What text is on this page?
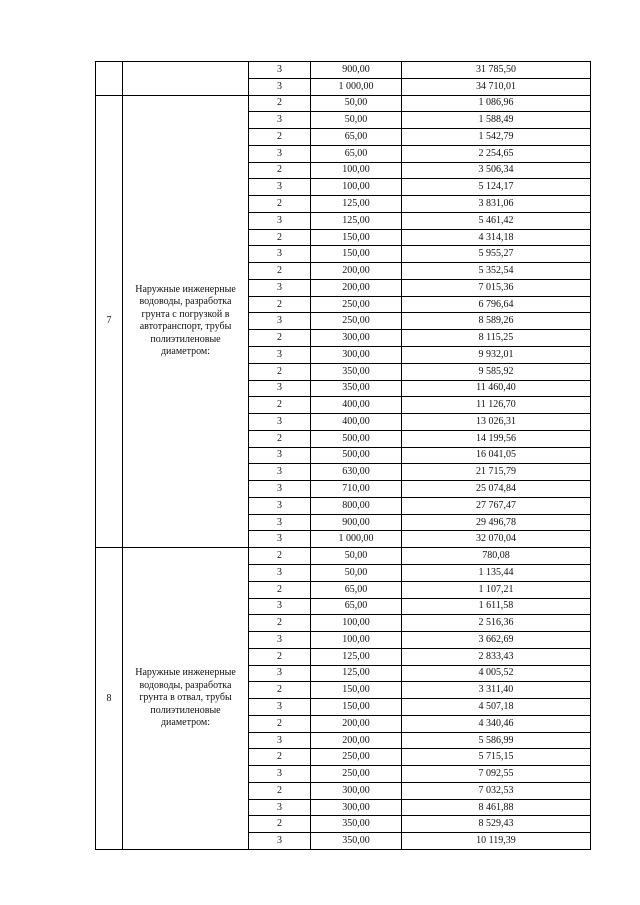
		3	900,00	31 785,50
		3	1 000,00	34 710,01
7	Наружные инженерные водоводы, разработка грунта с погрузкой в автотранспорт, трубы полиэтиленовые диаметром:	2	50,00	1 086,96
		3	50,00	1 588,49
		2	65,00	1 542,79
		3	65,00	2 254,65
		2	100,00	3 506,34
		3	100,00	5 124,17
		2	125,00	3 831,06
		3	125,00	5 461,42
		2	150,00	4 314,18
		3	150,00	5 955,27
		2	200,00	5 352,54
		3	200,00	7 015,36
		2	250,00	6 796,64
		3	250,00	8 589,26
		2	300,00	8 115,25
		3	300,00	9 932,01
		2	350,00	9 585,92
		3	350,00	11 460,40
		2	400,00	11 126,70
		3	400,00	13 026,31
		2	500,00	14 199,56
		3	500,00	16 041,05
		3	630,00	21 715,79
		3	710,00	25 074,84
		3	800,00	27 767,47
		3	900,00	29 496,78
		3	1 000,00	32 070,04
8	Наружные инженерные водоводы, разработка грунта в отвал, трубы полиэтиленовые диаметром:	2	50,00	780,08
		3	50,00	1 135,44
		2	65,00	1 107,21
		3	65,00	1 611,58
		2	100,00	2 516,36
		3	100,00	3 662,69
		2	125,00	2 833,43
		3	125,00	4 005,52
		2	150,00	3 311,40
		3	150,00	4 507,18
		2	200,00	4 340,46
		3	200,00	5 586,99
		2	250,00	5 715,15
		3	250,00	7 092,55
		2	300,00	7 032,53
		3	300,00	8 461,88
		2	350,00	8 529,43
		3	350,00	10 119,39
